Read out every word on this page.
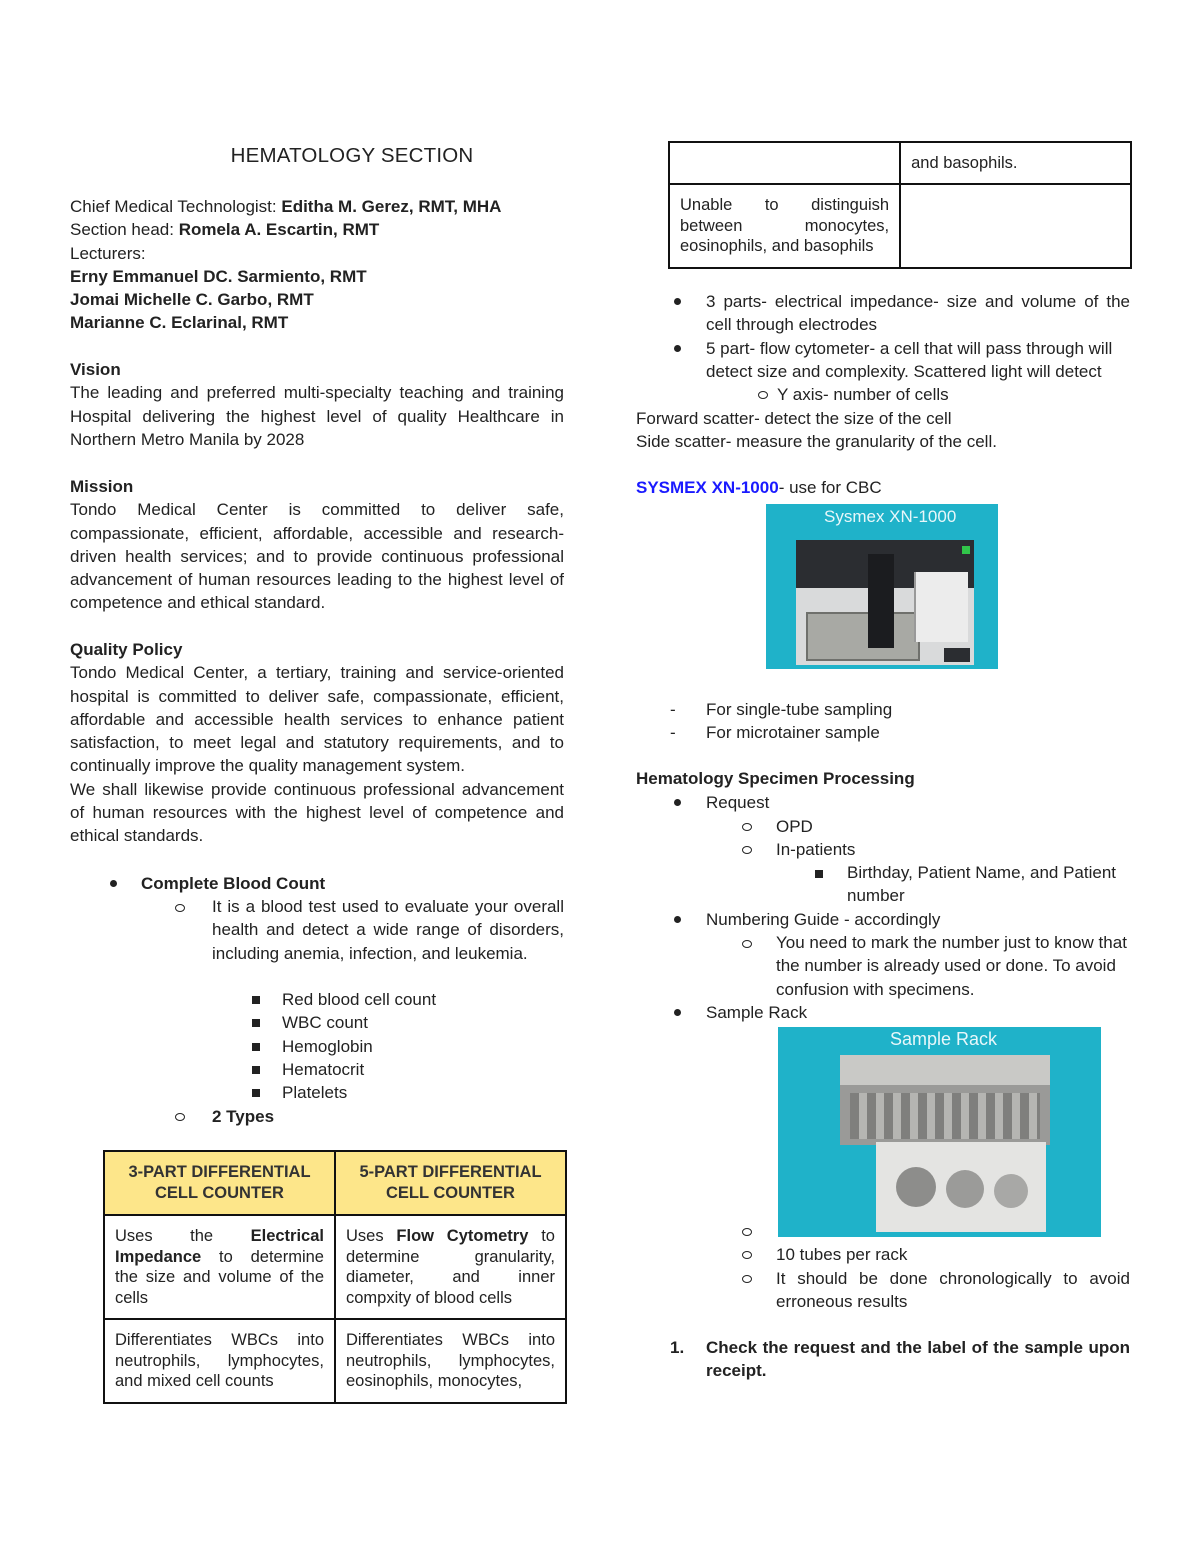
HEMATOLOGY SECTION
Chief Medical Technologist: Editha M. Gerez, RMT, MHA
Section head: Romela A. Escartin, RMT
Lecturers:
Erny Emmanuel DC. Sarmiento, RMT
Jomai Michelle C. Garbo, RMT
Marianne C. Eclarinal, RMT
Vision
The leading and preferred multi-specialty teaching and training Hospital delivering the highest level of quality Healthcare in Northern Metro Manila by 2028
Mission
Tondo Medical Center is committed to deliver safe, compassionate, efficient, affordable, accessible and research-driven health services; and to provide continuous professional advancement of human resources leading to the highest level of competence and ethical standard.
Quality Policy
Tondo Medical Center, a tertiary, training and service-oriented hospital is committed to deliver safe, compassionate, efficient, affordable and accessible health services to enhance patient satisfaction, to meet legal and statutory requirements, and to continually improve the quality management system.
We shall likewise provide continuous professional advancement of human resources with the highest level of competence and ethical standards.
Complete Blood Count
It is a blood test used to evaluate your overall health and detect a wide range of disorders, including anemia, infection, and leukemia.
Red blood cell count
WBC count
Hemoglobin
Hematocrit
Platelets
2 Types
3-PART DIFFERENTIAL CELL COUNTER	5-PART DIFFERENTIAL CELL COUNTER
Uses the Electrical Impedance to determine the size and volume of the cells	Uses Flow Cytometry to determine granularity, diameter, and inner compxity of blood cells
Differentiates WBCs into neutrophils, lymphocytes, and mixed cell counts	Differentiates WBCs into neutrophils, lymphocytes, eosinophils, monocytes,
	and basophils.
Unable to distinguish between monocytes, eosinophils, and basophils	
3 parts- electrical impedance- size and volume of the cell through electrodes
5 part- flow cytometer- a cell that will pass through will detect size and complexity. Scattered light will detect
Y axis- number of cells
Forward scatter- detect the size of the cell
Side scatter- measure the granularity of the cell.
SYSMEX XN-1000- use for CBC
Sysmex XN-1000
- For single-tube sampling
- For microtainer sample
Hematology Specimen Processing
Request
OPD
In-patients
Birthday, Patient Name, and Patient number
Numbering Guide - accordingly
You need to mark the number just to know that the number is already used or done. To avoid confusion with specimens.
Sample Rack
Sample Rack
10 tubes per rack
It should be done chronologically to avoid erroneous results
1.	Check the request and the label of the sample upon receipt.
